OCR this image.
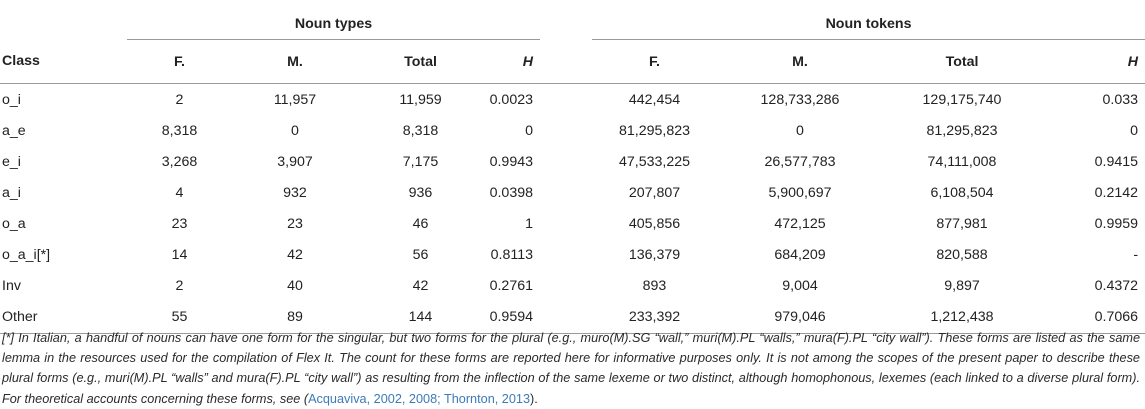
	Noun types					Noun tokens			
Class	F.	M.	Total	H		F.	M.	Total	H
o_i	2	11,957	11,959	0.0023		442,454	128,733,286	129,175,740	0.033
a_e	8,318	0	8,318	0		81,295,823	0	81,295,823	0
e_i	3,268	3,907	7,175	0.9943		47,533,225	26,577,783	74,111,008	0.9415
a_i	4	932	936	0.0398		207,807	5,900,697	6,108,504	0.2142
o_a	23	23	46	1		405,856	472,125	877,981	0.9959
o_a_i[*]	14	42	56	0.8113		136,379	684,209	820,588	-
Inv	2	40	42	0.2761		893	9,004	9,897	0.4372
Other	55	89	144	0.9594		233,392	979,046	1,212,438	0.7066

[*] In Italian, a handful of nouns can have one form for the singular, but two forms for the plural (e.g., muro(M).SG “wall,” muri(M).PL “walls,” mura(F).PL “city wall”). These forms are listed as the same lemma in the resources used for the compilation of Flex It. The count for these forms are reported here for informative purposes only. It is not among the scopes of the present paper to describe these plural forms (e.g., muri(M).PL “walls” and mura(F).PL “city wall”) as resulting from the inflection of the same lexeme or two distinct, although homophonous, lexemes (each linked to a diverse plural form). For theoretical accounts concerning these forms, see (Acquaviva, 2002, 2008; Thornton, 2013).
